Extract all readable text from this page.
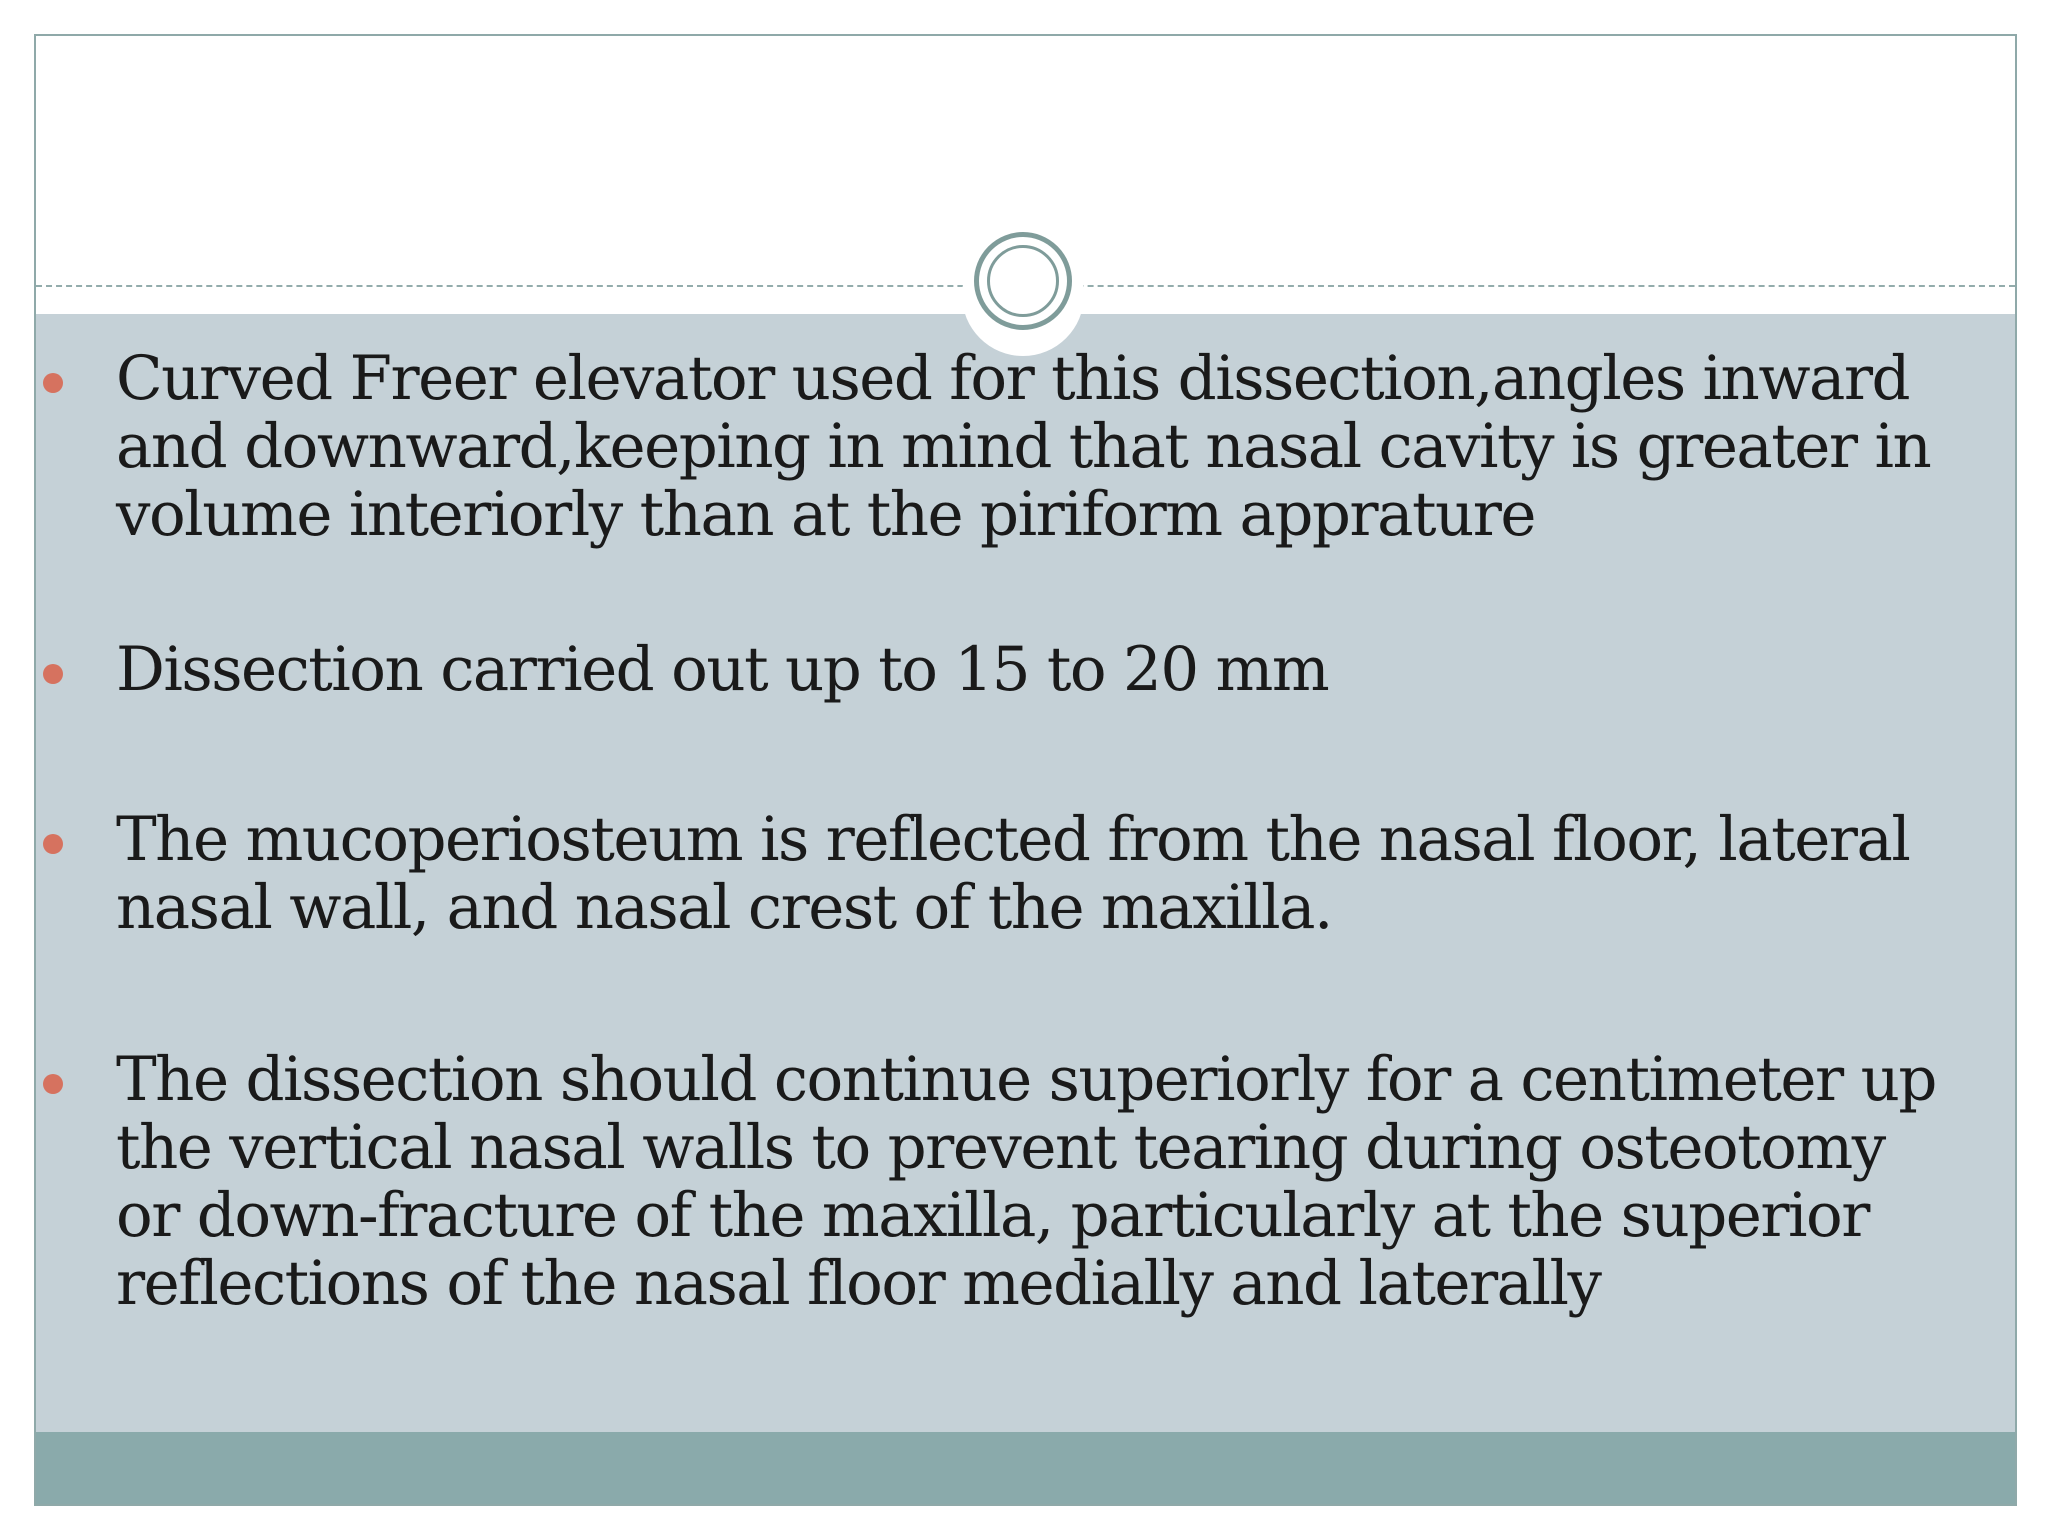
Curved Freer elevator used for this dissection,angles inward and downward,keeping in mind that nasal cavity is greater in volume interiorly than at the piriform appraturе
Dissection carried out up to 15 to 20 mm
The mucoperiosteum is reflected from the nasal floor, lateral nasal wall, and nasal crest of the maxilla.
The dissection should continue superiorly for a centimeter up the vertical nasal walls to prevent tearing during osteotomy or down-fracture of the maxilla, particularly at the superior reflections of the nasal floor medially and laterally
